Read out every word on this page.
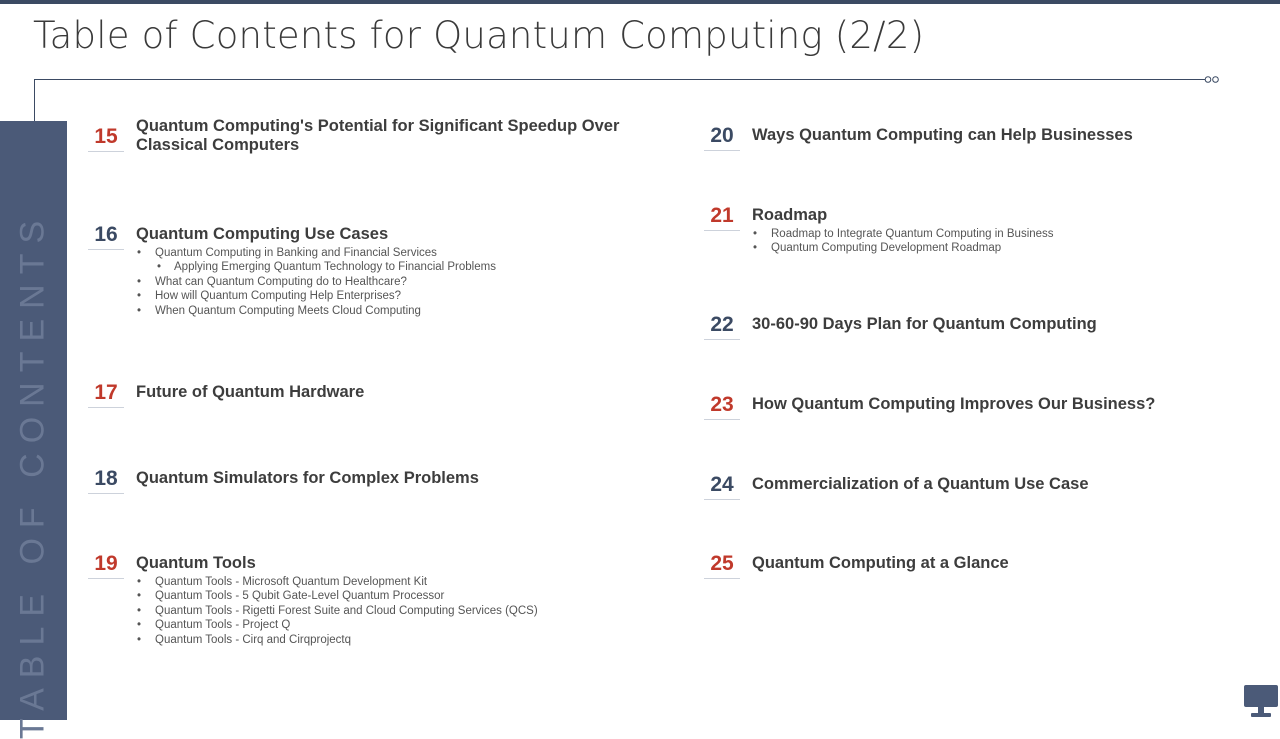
Table of Contents for Quantum Computing (2/2)
TABLE OF CONTENTS
15	Quantum Computing's Potential for Significant Speedup Over Classical Computers
16	Quantum Computing Use Cases
• Quantum Computing in Banking and Financial Services
• Applying Emerging Quantum Technology to Financial Problems
• What can Quantum Computing do to Healthcare?
• How will Quantum Computing Help Enterprises?
• When Quantum Computing Meets Cloud Computing
17	Future of Quantum Hardware
18	Quantum Simulators for Complex Problems
19	Quantum Tools
• Quantum Tools - Microsoft Quantum Development Kit
• Quantum Tools - 5 Qubit Gate-Level Quantum Processor
• Quantum Tools - Rigetti Forest Suite and Cloud Computing Services (QCS)
• Quantum Tools - Project Q
• Quantum Tools - Cirq and Cirqprojectq
20	Ways Quantum Computing can Help Businesses
21	Roadmap
• Roadmap to Integrate Quantum Computing in Business
• Quantum Computing Development Roadmap
22	30-60-90 Days Plan for Quantum Computing
23	How Quantum Computing Improves Our Business?
24	Commercialization of a Quantum Use Case
25	Quantum Computing at a Glance
